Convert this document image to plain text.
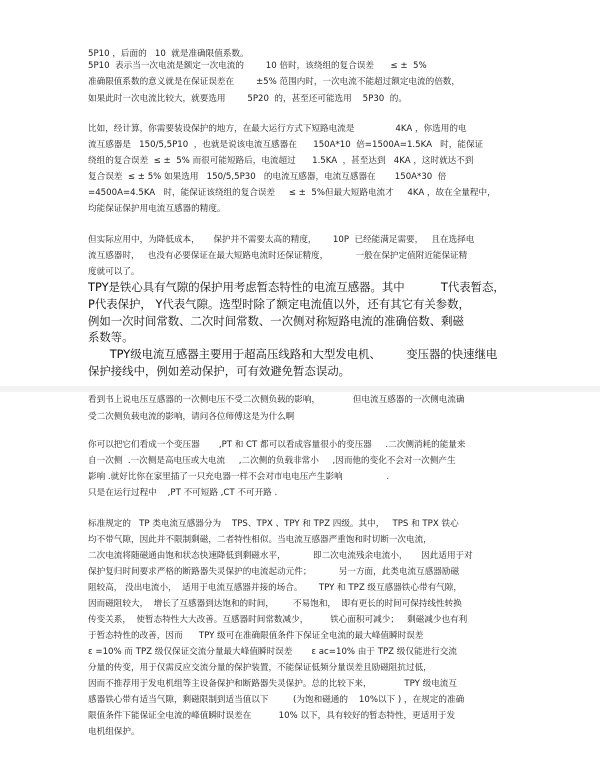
5P10 ，后面的   10  就是准确限值系数。
5P10  表示当一次电流是额定一次电流的        10 倍时，该绕组的复合误差      ≤ ±  5%
准确限值系数的意义就是在保证误差在        ±5% 范围内时，一次电流不能超过额定电流的倍数，
如果此时一次电流比较大，就要选用        5P20  的，甚至还可能选用    5P30  的。
比如，经计算，你需要装设保护的地方，在最大运行方式下短路电流是               4KA ，你选用的电
流互感器是   150/5,5P10  ，也就是说该电流互感器在      150A*10  倍=1500A=1.5KA   时，能保证
绕组的复合误差  ≤ ±  5% 而很可能短路后，电流超过      1.5KA  ，甚至达到   4KA ，这时就达不到
复合误差  ≤ ± 5% 如果选用   150/5,5P30   的电流互感器，电流互感器在       150A*30  倍
=4500A=4.5KA   时，能保证该绕组的复合误差     ≤ ±  5%但最大短路电流才     4KA ，故在全量程中，
均能保证保护用电流互感器的精度。
但实际应用中，为降低成本，     保护并不需要太高的精度，      10P  已经能满足需要，   且在选择电
流互感器时，   也没有必要保证在最大短路电流时还保证精度，          一般在保护定值附近能保证精
度就可以了。
TPY是铁心具有气隙的保护用考虑暂态特性的电流互感器。其中          T代表暂态，
P代表保护， Y代表气隙。选型时除了额定电流值以外，还有其它有关参数，
例如一次时间常数、二次时间常数、一次侧对称短路电流的准确倍数、剩磁
系数等。
TPY级电流互感器主要用于超高压线路和大型发电机、       变压器的快速继电
保护接线中，例如差动保护，可有效避免暂态误动。
看到书上说电压互感器的一次侧电压不受二次侧负载的影响，            但电流互感器的一次侧电流确
受二次侧负载电流的影响，请问各位师傅这是为什么啊
你可以把它们看成一个变压器       ,PT 和 CT 都可以看成容量很小的变压器     .二次侧消耗的能量来
自一次侧  .一次侧是高电压或大电流     ,二次侧的负载非常小     ,因而他的变化不会对一次侧产生
影响 .就好比你在家里插了一只充电器一样不会对市电电压产生影响                .
只是在运行过程中    ,PT 不可短路 ,CT 不可开路 .
标准规定的   TP 类电流互感器分为    TPS、TPX 、TPY 和 TPZ 四级。其中，   TPS 和 TPX 铁心
均不带气隙，因此并不限制剩磁，二者特性相似。当电流互感器严重饱和时切断一次电流，
二次电流将随磁通由饱和状态快速降低到剩磁水平，          即二次电流残余电流小，     因此适用于对
保护复归时间要求严格的断路器失灵保护的电流起动元件；          另一方面，此类电流互感器励磁
阻较高， 没出电流小，  适用于电流互感器并接的场合。      TPY 和 TPZ 级互感器铁心带有气隙，
因而磁阻较大，  增长了互感器到达饱和的时间，       不易饱和，  即有更长的时间可保持线性转换
传变关系，  使暂态特性大大改善。互感器时间常数减少，        铁心面积可减少；   剩磁减少也有利
于暂态特性的改善，因而      TPY 级可在准确限值条件下保证全电流的最大峰值瞬时误差
ε =10% 而 TPZ 级仅保证交流分量最大峰值瞬时误差       ε ac=10% 由于 TPZ 级仅能进行交流
分量的传变，用于仅需反应交流分量的保护装置，不能保证低频分量误差且励磁阻抗过低，
因而不推荐用于发电机组等主设备保护和断路器失灵保护。总的比较下来，            TPY 级电流互
感器铁心带有适当气隙，剩磁限制到适当值以下         (为饱和磁通的    10%以下 ) ，在规定的准确
限值条件下能保证全电流的峰值瞬时误差在          10% 以下，具有较好的暂态特性，更适用于发
电机组保护。
